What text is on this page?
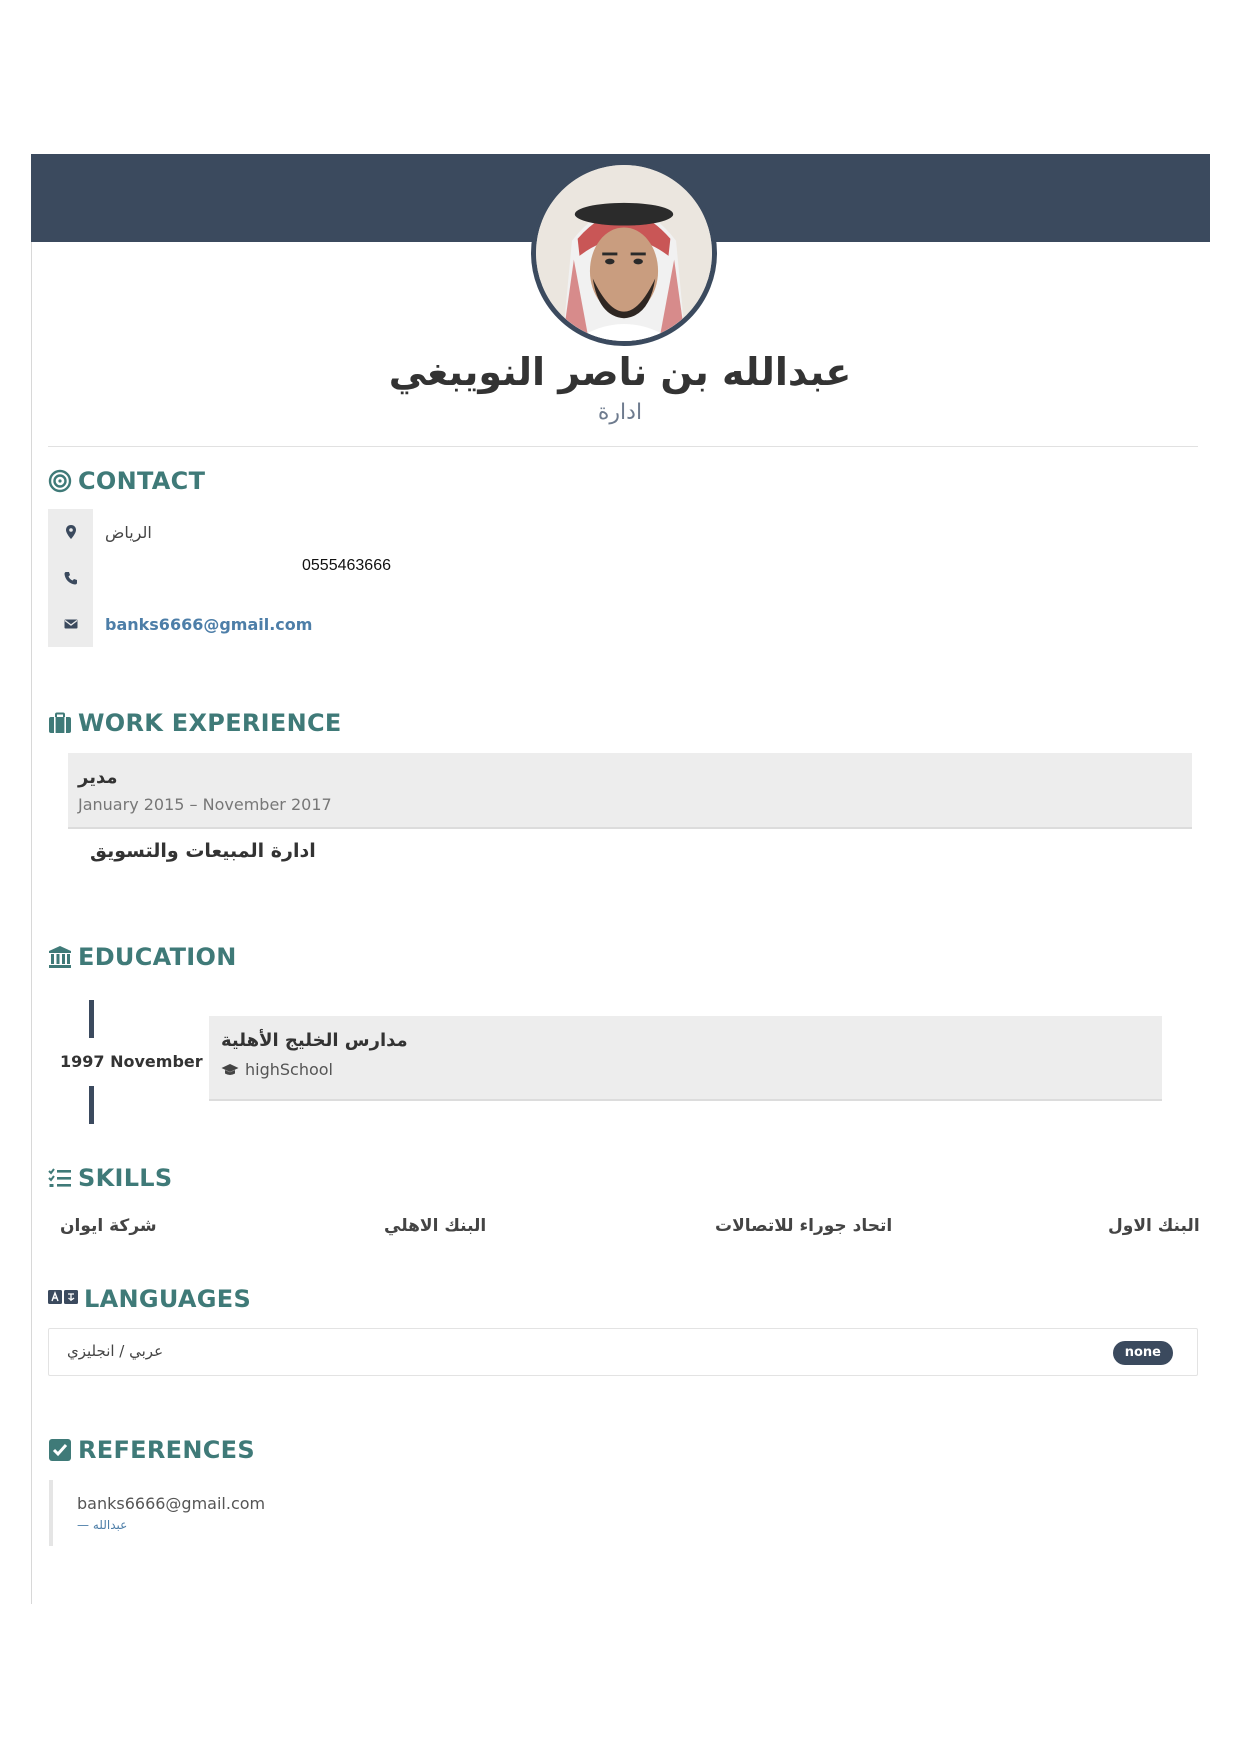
عبدالله بن ناصر النويبغي
ادارة
CONTACT
الرياض
0555463666
banks6666@gmail.com
WORK EXPERIENCE
مدير
January 2015 – November 2017
ادارة المبيعات والتسويق
EDUCATION
1997 November
مدارس الخليج الأهلية
highSchool
SKILLS
شركة ايوان	البنك الاهلي	اتحاد جوراء للاتصالات	البنك الاول
LANGUAGES
عربي / انجليزي	none
REFERENCES
banks6666@gmail.com
— عبدالله
